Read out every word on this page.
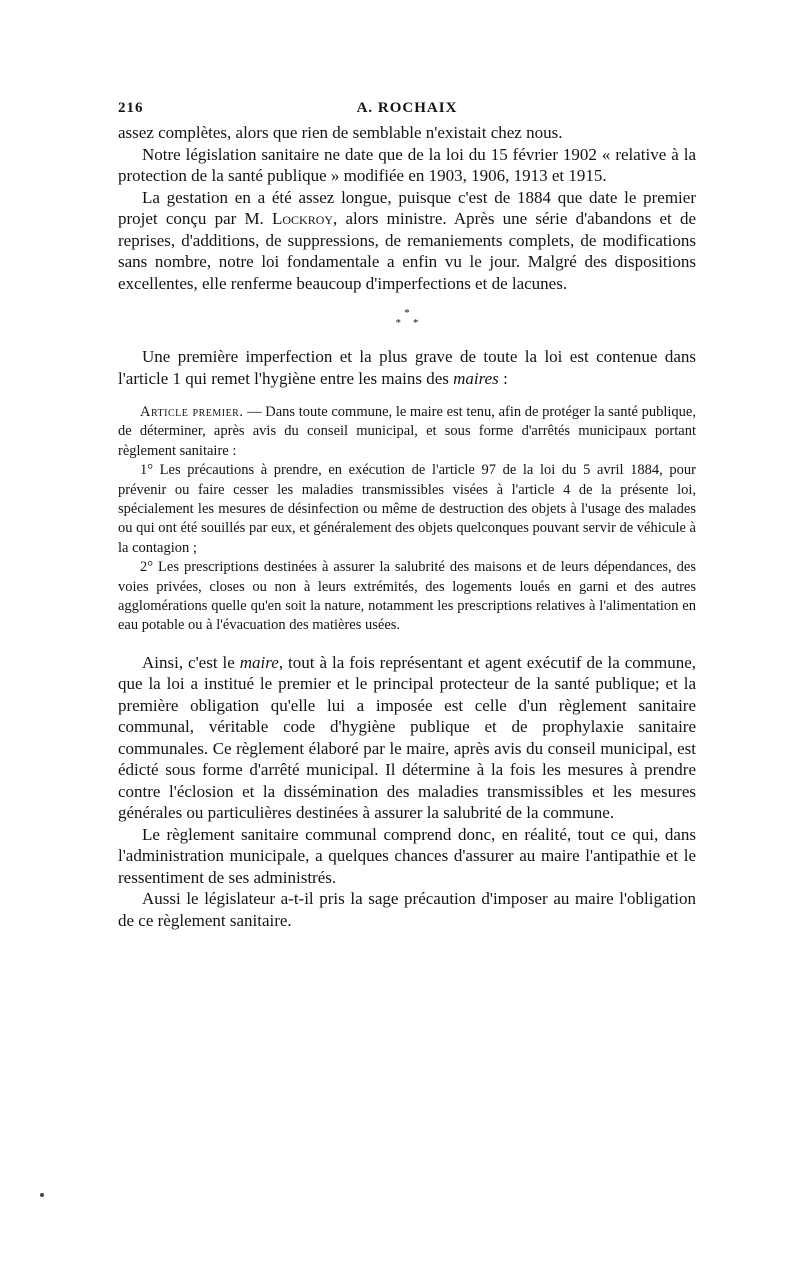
216	A. ROCHAIX

assez complètes, alors que rien de semblable n'existait chez nous.

Notre législation sanitaire ne date que de la loi du 15 février 1902 « relative à la protection de la santé publique » modifiée en 1903, 1906, 1913 et 1915.

La gestation en a été assez longue, puisque c'est de 1884 que date le premier projet conçu par M. Lockroy, alors ministre. Après une série d'abandons et de reprises, d'additions, de suppressions, de remaniements complets, de modifications sans nombre, notre loi fondamentale a enfin vu le jour. Malgré des dispositions excellentes, elle renferme beaucoup d'imperfections et de lacunes.

*
**

Une première imperfection et la plus grave de toute la loi est contenue dans l'article 1 qui remet l'hygiène entre les mains des maires :

Article premier. — Dans toute commune, le maire est tenu, afin de protéger la santé publique, de déterminer, après avis du conseil municipal, et sous forme d'arrêtés municipaux portant règlement sanitaire :

1° Les précautions à prendre, en exécution de l'article 97 de la loi du 5 avril 1884, pour prévenir ou faire cesser les maladies transmissibles visées à l'article 4 de la présente loi, spécialement les mesures de désinfection ou même de destruction des objets à l'usage des malades ou qui ont été souillés par eux, et généralement des objets quelconques pouvant servir de véhicule à la contagion ;

2° Les prescriptions destinées à assurer la salubrité des maisons et de leurs dépendances, des voies privées, closes ou non à leurs extrémités, des logements loués en garni et des autres agglomérations quelle qu'en soit la nature, notamment les prescriptions relatives à l'alimentation en eau potable ou à l'évacuation des matières usées.

Ainsi, c'est le maire, tout à la fois représentant et agent exécutif de la commune, que la loi a institué le premier et le principal protecteur de la santé publique; et la première obligation qu'elle lui a imposée est celle d'un règlement sanitaire communal, véritable code d'hygiène publique et de prophylaxie sanitaire communales. Ce règlement élaboré par le maire, après avis du conseil municipal, est édicté sous forme d'arrêté municipal. Il détermine à la fois les mesures à prendre contre l'éclosion et la dissémination des maladies transmissibles et les mesures générales ou particulières destinées à assurer la salubrité de la commune.

Le règlement sanitaire communal comprend donc, en réalité, tout ce qui, dans l'administration municipale, a quelques chances d'assurer au maire l'antipathie et le ressentiment de ses administrés.

Aussi le législateur a-t-il pris la sage précaution d'imposer au maire l'obligation de ce règlement sanitaire.
